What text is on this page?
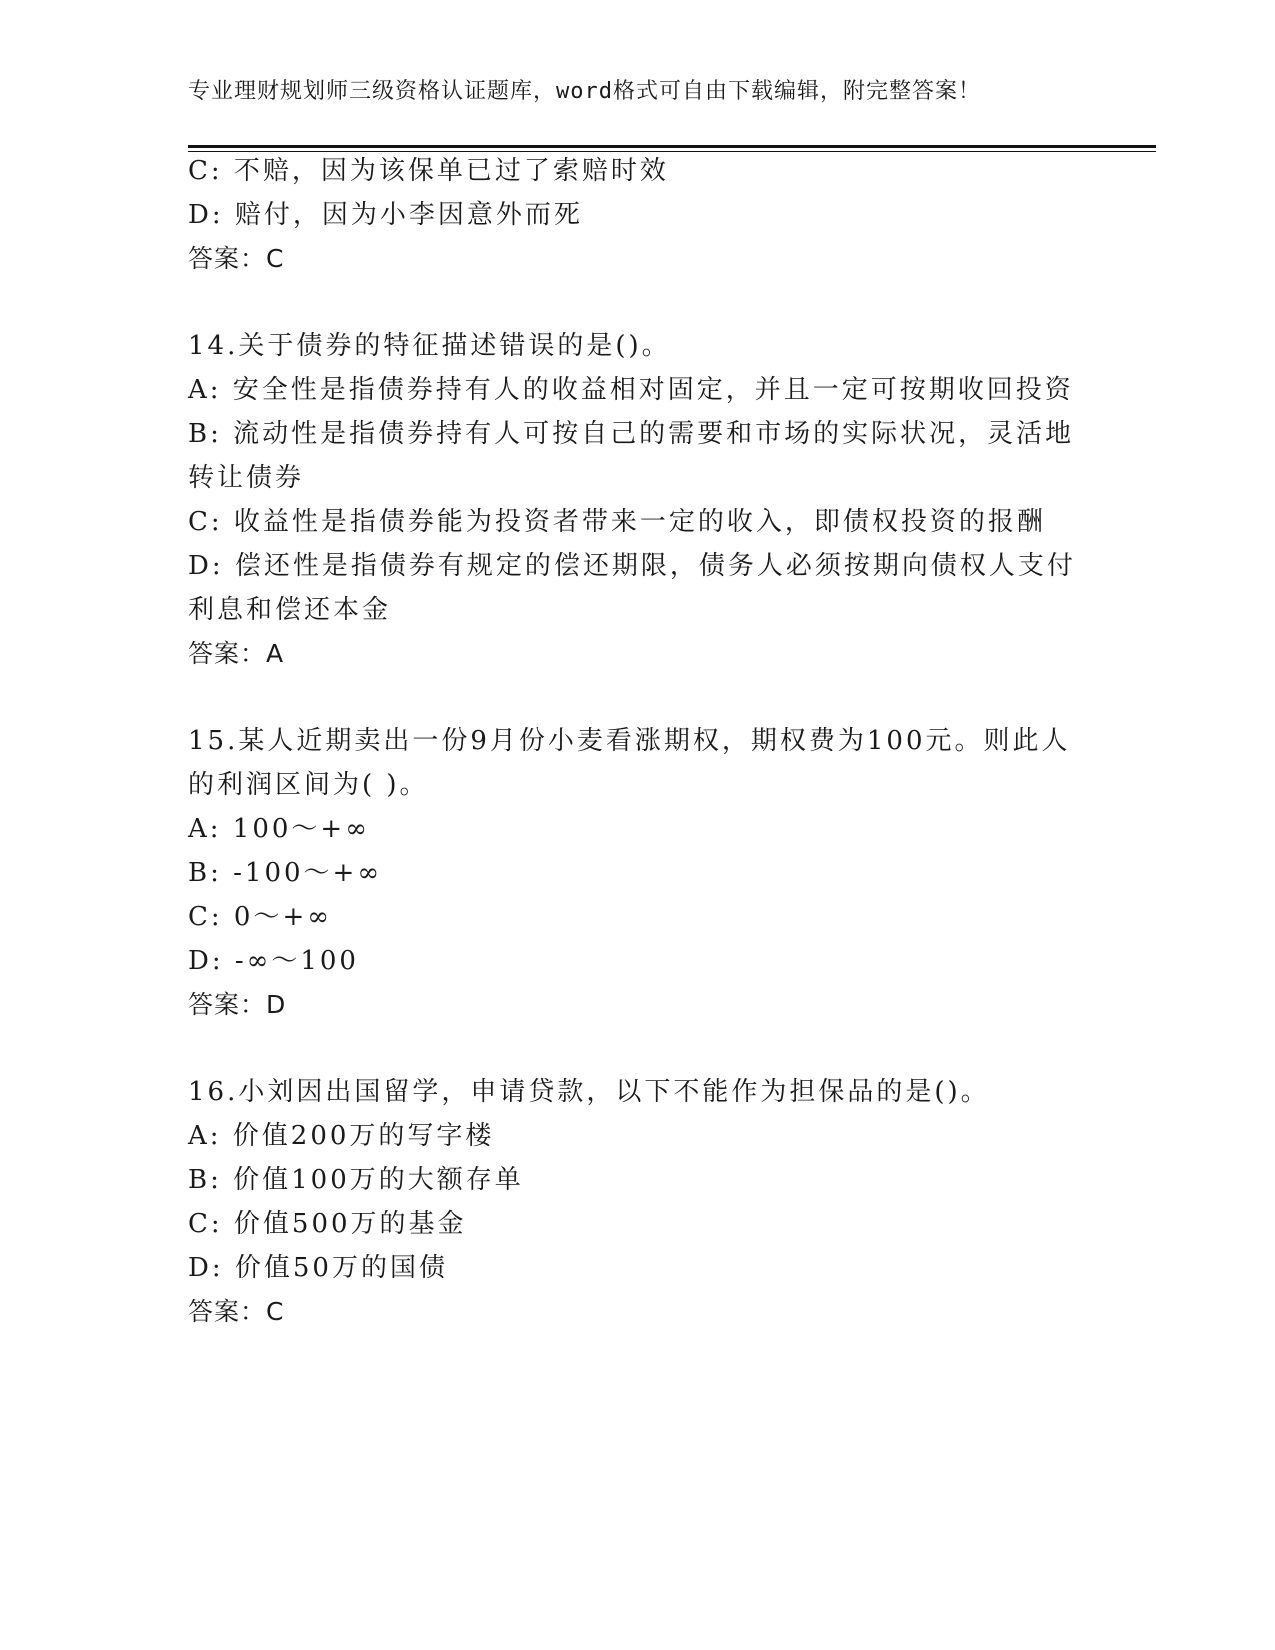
专业理财规划师三级资格认证题库，word格式可自由下载编辑，附完整答案！
C: 不赔，因为该保单已过了索赔时效
D: 赔付，因为小李因意外而死
答案：C
14.关于债券的特征描述错误的是()。
A: 安全性是指债券持有人的收益相对固定，并且一定可按期收回投资
B: 流动性是指债券持有人可按自己的需要和市场的实际状况，灵活地
转让债券
C: 收益性是指债券能为投资者带来一定的收入，即债权投资的报酬
D: 偿还性是指债券有规定的偿还期限，债务人必须按期向债权人支付
利息和偿还本金
答案：A
15.某人近期卖出一份9月份小麦看涨期权，期权费为100元。则此人
的利润区间为( )。
A: 100～+∞
B: -100～+∞
C: 0～+∞
D: -∞～100
答案：D
16.小刘因出国留学，申请贷款，以下不能作为担保品的是()。
A: 价值200万的写字楼
B: 价值100万的大额存单
C: 价值500万的基金
D: 价值50万的国债
答案：C
